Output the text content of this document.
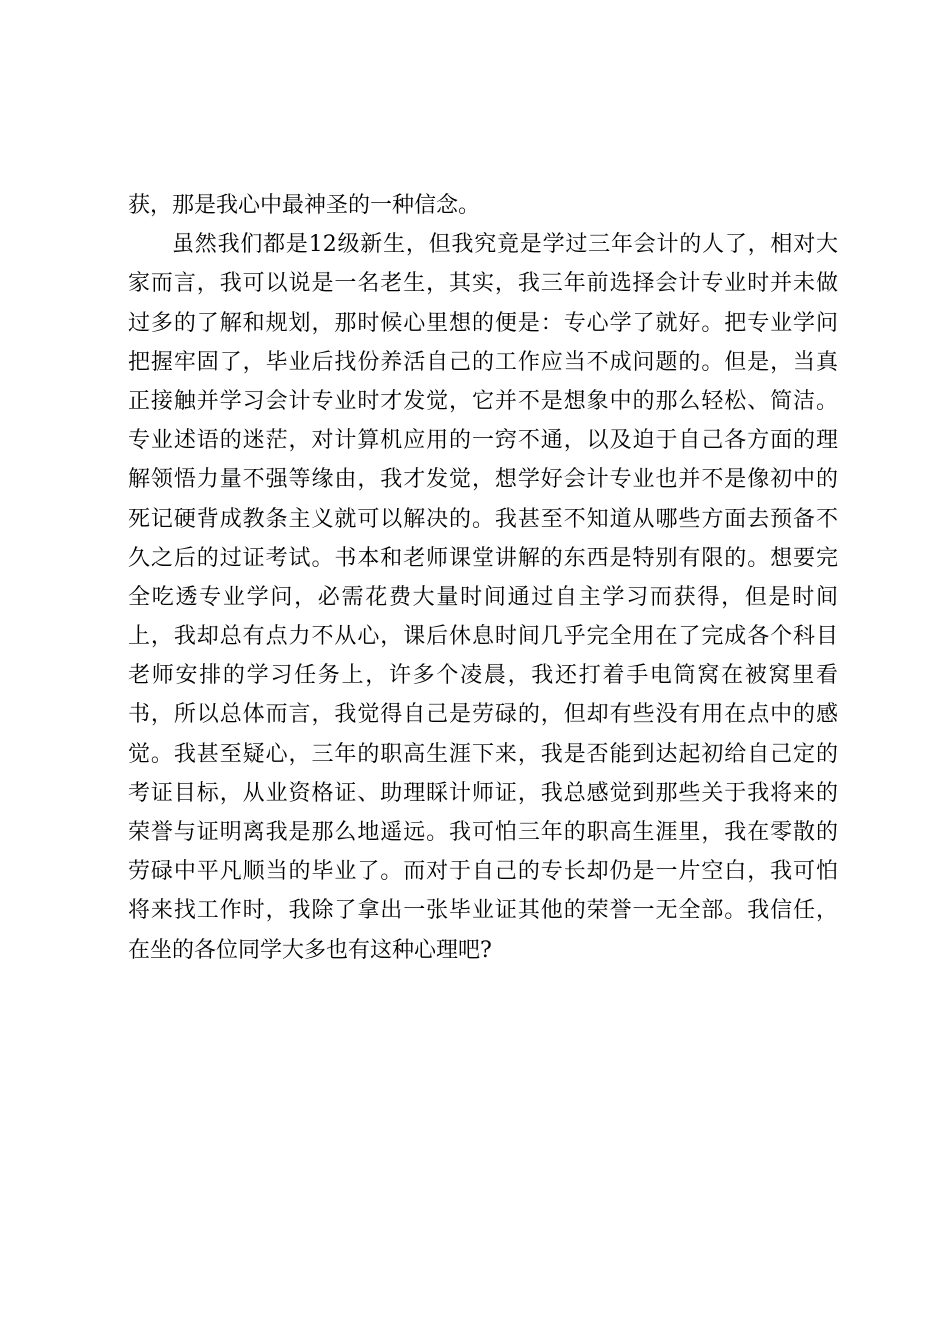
获，那是我心中最神圣的一种信念。
虽然我们都是12级新生，但我究竟是学过三年会计的人了，相对大
家而言，我可以说是一名老生，其实，我三年前选择会计专业时并未做
过多的了解和规划，那时候心里想的便是：专心学了就好。把专业学问
把握牢固了，毕业后找份养活自己的工作应当不成问题的。但是，当真
正接触并学习会计专业时才发觉，它并不是想象中的那么轻松、简洁。
专业述语的迷茫，对计算机应用的一窍不通，以及迫于自己各方面的理
解领悟力量不强等缘由，我才发觉，想学好会计专业也并不是像初中的
死记硬背成教条主义就可以解决的。我甚至不知道从哪些方面去预备不
久之后的过证考试。书本和老师课堂讲解的东西是特别有限的。想要完
全吃透专业学问，必需花费大量时间通过自主学习而获得，但是时间
上，我却总有点力不从心，课后休息时间几乎完全用在了完成各个科目
老师安排的学习任务上，许多个凌晨，我还打着手电筒窝在被窝里看
书，所以总体而言，我觉得自己是劳碌的，但却有些没有用在点中的感
觉。我甚至疑心，三年的职高生涯下来，我是否能到达起初给自己定的
考证目标，从业资格证、助理睬计师证，我总感觉到那些关于我将来的
荣誉与证明离我是那么地遥远。我可怕三年的职高生涯里，我在零散的
劳碌中平凡顺当的毕业了。而对于自己的专长却仍是一片空白，我可怕
将来找工作时，我除了拿出一张毕业证其他的荣誉一无全部。我信任，
在坐的各位同学大多也有这种心理吧?
